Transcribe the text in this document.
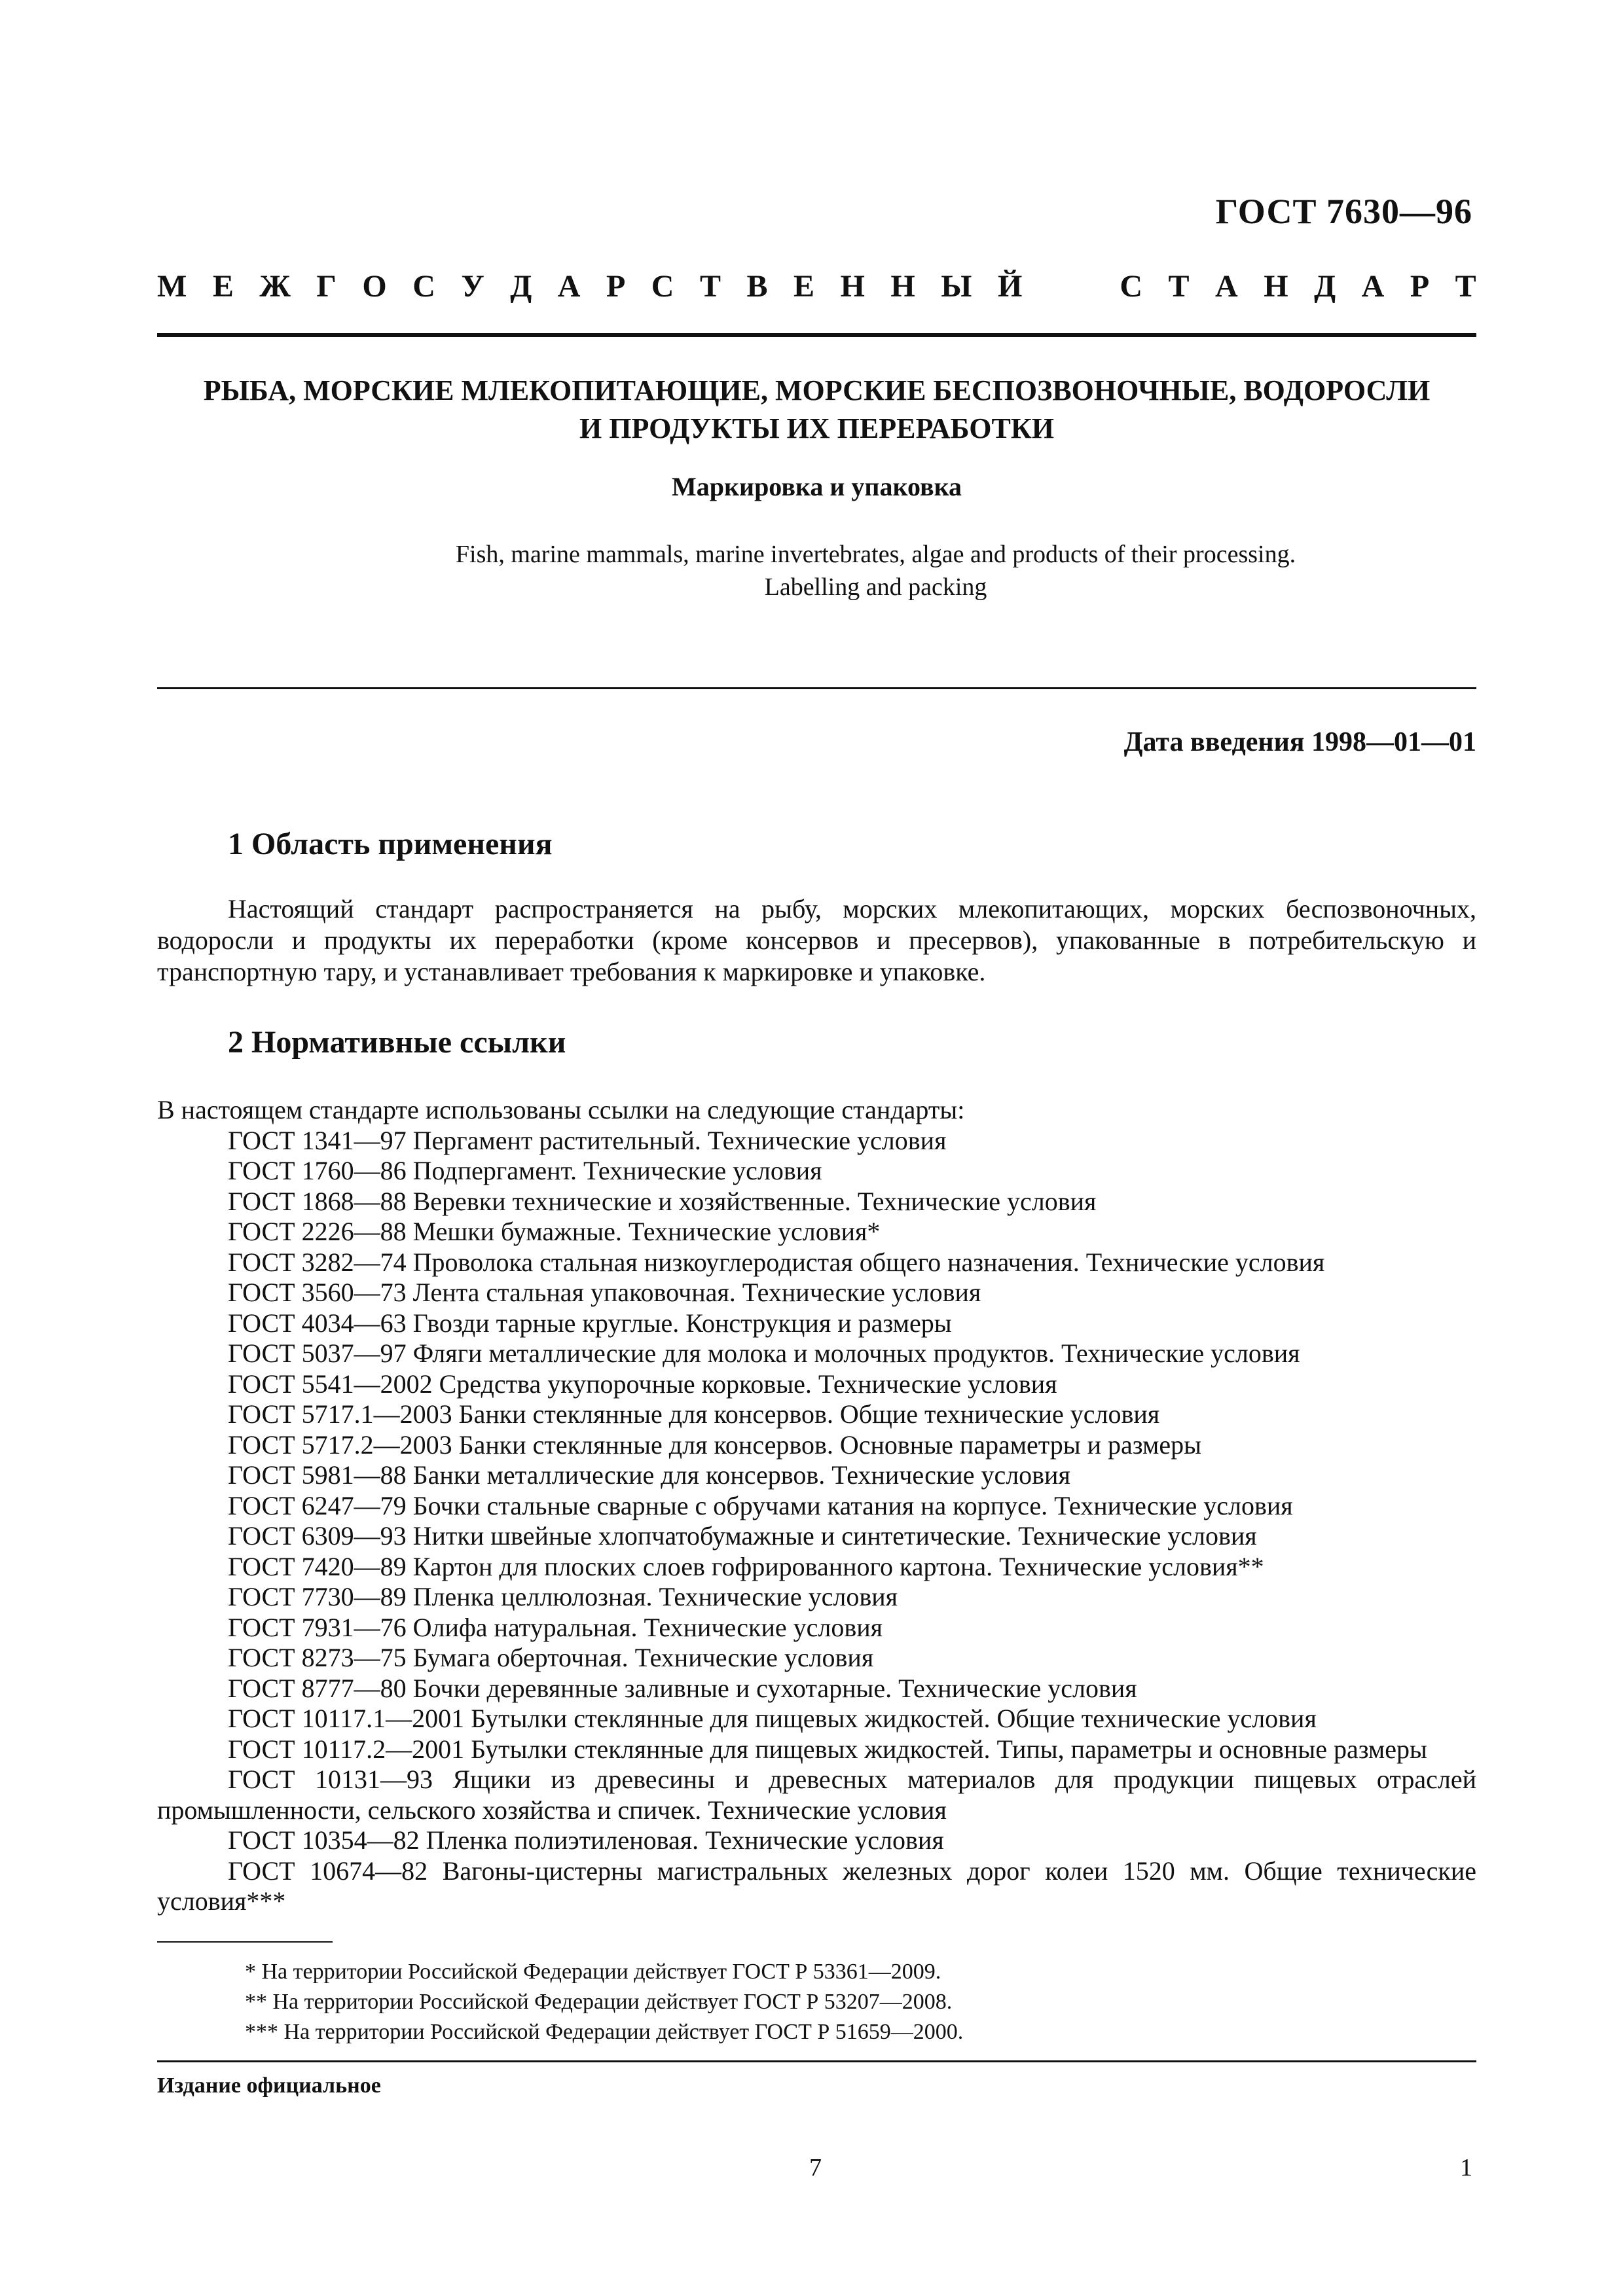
ГОСТ 7630—96
М Е Ж Г О С У Д А Р С Т В Е Н Н Ы Й	С Т А Н Д А Р Т
РЫБА, МОРСКИЕ МЛЕКОПИТАЮЩИЕ, МОРСКИЕ БЕСПОЗВОНОЧНЫЕ, ВОДОРОСЛИ
И ПРОДУКТЫ ИХ ПЕРЕРАБОТКИ
Маркировка и упаковка
Fish, marine mammals, marine invertebrates, algae and products of their processing.
Labelling and packing
Дата введения 1998—01—01
1 Область применения
Настоящий стандарт распространяется на рыбу, морских млекопитающих, морских беспозвоночных, водоросли и продукты их переработки (кроме консервов и пресервов), упакованные в потребительскую и транспортную тару, и устанавливает требования к маркировке и упаковке.
2 Нормативные ссылки
В настоящем стандарте использованы ссылки на следующие стандарты:
ГОСТ 1341—97 Пергамент растительный. Технические условия
ГОСТ 1760—86 Подпергамент. Технические условия
ГОСТ 1868—88 Веревки технические и хозяйственные. Технические условия
ГОСТ 2226—88 Мешки бумажные. Технические условия*
ГОСТ 3282—74 Проволока стальная низкоуглеродистая общего назначения. Технические условия
ГОСТ 3560—73 Лента стальная упаковочная. Технические условия
ГОСТ 4034—63 Гвозди тарные круглые. Конструкция и размеры
ГОСТ 5037—97 Фляги металлические для молока и молочных продуктов. Технические условия
ГОСТ 5541—2002 Средства укупорочные корковые. Технические условия
ГОСТ 5717.1—2003 Банки стеклянные для консервов. Общие технические условия
ГОСТ 5717.2—2003 Банки стеклянные для консервов. Основные параметры и размеры
ГОСТ 5981—88 Банки металлические для консервов. Технические условия
ГОСТ 6247—79 Бочки стальные сварные с обручами катания на корпусе. Технические условия
ГОСТ 6309—93 Нитки швейные хлопчатобумажные и синтетические. Технические условия
ГОСТ 7420—89 Картон для плоских слоев гофрированного картона. Технические условия**
ГОСТ 7730—89 Пленка целлюлозная. Технические условия
ГОСТ 7931—76 Олифа натуральная. Технические условия
ГОСТ 8273—75 Бумага оберточная. Технические условия
ГОСТ 8777—80 Бочки деревянные заливные и сухотарные. Технические условия
ГОСТ 10117.1—2001 Бутылки стеклянные для пищевых жидкостей. Общие технические условия
ГОСТ 10117.2—2001 Бутылки стеклянные для пищевых жидкостей. Типы, параметры и основные размеры
ГОСТ 10131—93 Ящики из древесины и древесных материалов для продукции пищевых отраслей промышленности, сельского хозяйства и спичек. Технические условия
ГОСТ 10354—82 Пленка полиэтиленовая. Технические условия
ГОСТ 10674—82 Вагоны-цистерны магистральных железных дорог колеи 1520 мм. Общие технические условия***
* На территории Российской Федерации действует ГОСТ Р 53361—2009.
** На территории Российской Федерации действует ГОСТ Р 53207—2008.
*** На территории Российской Федерации действует ГОСТ Р 51659—2000.
Издание официальное
7	1
